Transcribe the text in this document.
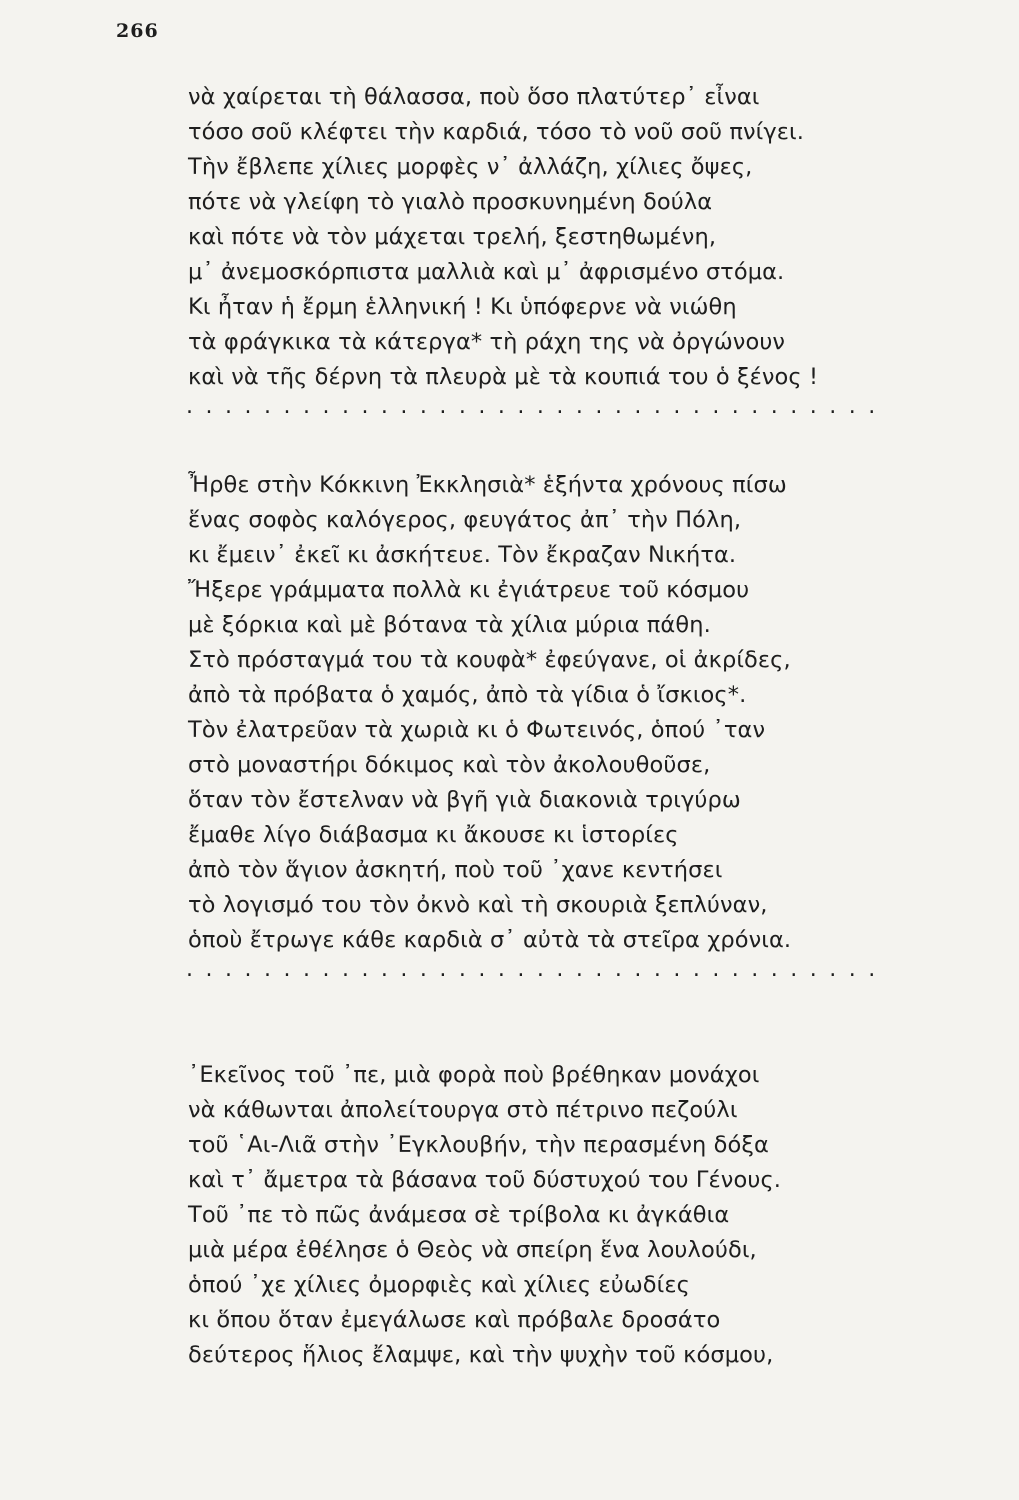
266
νὰ χαίρεται τὴ θάλασσα, ποὺ ὅσο πλατύτερ᾽ εἶναι
τόσο σοῦ κλέφτει τὴν καρδιά, τόσο τὸ νοῦ σοῦ πνίγει.
Τὴν ἔβλεπε χίλιες μορφὲς ν᾽ ἀλλάζη, χίλιες ὄψες,
πότε νὰ γλείφη τὸ γιαλὸ προσκυνημένη δούλα
καὶ πότε νὰ τὸν μάχεται τρελή, ξεστηθωμένη,
μ᾽ ἀνεμοσκόρπιστα μαλλιὰ καὶ μ᾽ ἀφρισμένο στόμα.
Κι ἦταν ἡ ἔρμη ἑλληνική ! Κι ὑπόφερνε νὰ νιώθη
τὰ φράγκικα τὰ κάτεργα* τὴ ράχη της νὰ ὀργώνουν
καὶ νὰ τῆς δέρνη τὰ πλευρὰ μὲ τὰ κουπιά του ὁ ξένος !
....................................
Ἦρθε στὴν Κόκκινη Ἐκκλησιὰ* ἑξήντα χρόνους πίσω
ἕνας σοφὸς καλόγερος, φευγάτος ἀπ᾽ τὴν Πόλη,
κι ἔμειν᾽ ἐκεῖ κι ἀσκήτευε. Τὸν ἔκραζαν Νικήτα.
Ἤξερε γράμματα πολλὰ κι ἐγιάτρευε τοῦ κόσμου
μὲ ξόρκια καὶ μὲ βότανα τὰ χίλια μύρια πάθη.
Στὸ πρόσταγμά του τὰ κουφὰ* ἐφεύγανε, οἱ ἀκρίδες,
ἀπὸ τὰ πρόβατα ὁ χαμός, ἀπὸ τὰ γίδια ὁ ἴσκιος*.
Τὸν ἐλατρεῦαν τὰ χωριὰ κι ὁ Φωτεινός, ὁπού ᾽ταν
στὸ μοναστήρι δόκιμος καὶ τὸν ἀκολουθοῦσε,
ὅταν τὸν ἔστελναν νὰ βγῆ γιὰ διακονιὰ τριγύρω
ἔμαθε λίγο διάβασμα κι ἄκουσε κι ἱστορίες
ἀπὸ τὸν ἅγιον ἀσκητή, ποὺ τοῦ ᾽χανε κεντήσει
τὸ λογισμό του τὸν ὀκνὸ καὶ τὴ σκουριὰ ξεπλύναν,
ὁποὺ ἔτρωγε κάθε καρδιὰ σ᾽ αὐτὰ τὰ στεῖρα χρόνια.
....................................
᾽Εκεῖνος τοῦ ᾽πε, μιὰ φορὰ ποὺ βρέθηκαν μονάχοι
νὰ κάθωνται ἀπολείτουργα στὸ πέτρινο πεζούλι
τοῦ ῾Αι-Λιᾶ στὴν ᾽Εγκλουβήν, τὴν περασμένη δόξα
καὶ τ᾽ ἄμετρα τὰ βάσανα τοῦ δύστυχού του Γένους.
Τοῦ ᾽πε τὸ πῶς ἀνάμεσα σὲ τρίβολα κι ἀγκάθια
μιὰ μέρα ἐθέλησε ὁ Θεὸς νὰ σπείρη ἕνα λουλούδι,
ὁπού ᾽χε χίλιες ὀμορφιὲς καὶ χίλιες εὐωδίες
κι ὅπου ὅταν ἐμεγάλωσε καὶ πρόβαλε δροσάτο
δεύτερος ἥλιος ἔλαμψε, καὶ τὴν ψυχὴν τοῦ κόσμου,
